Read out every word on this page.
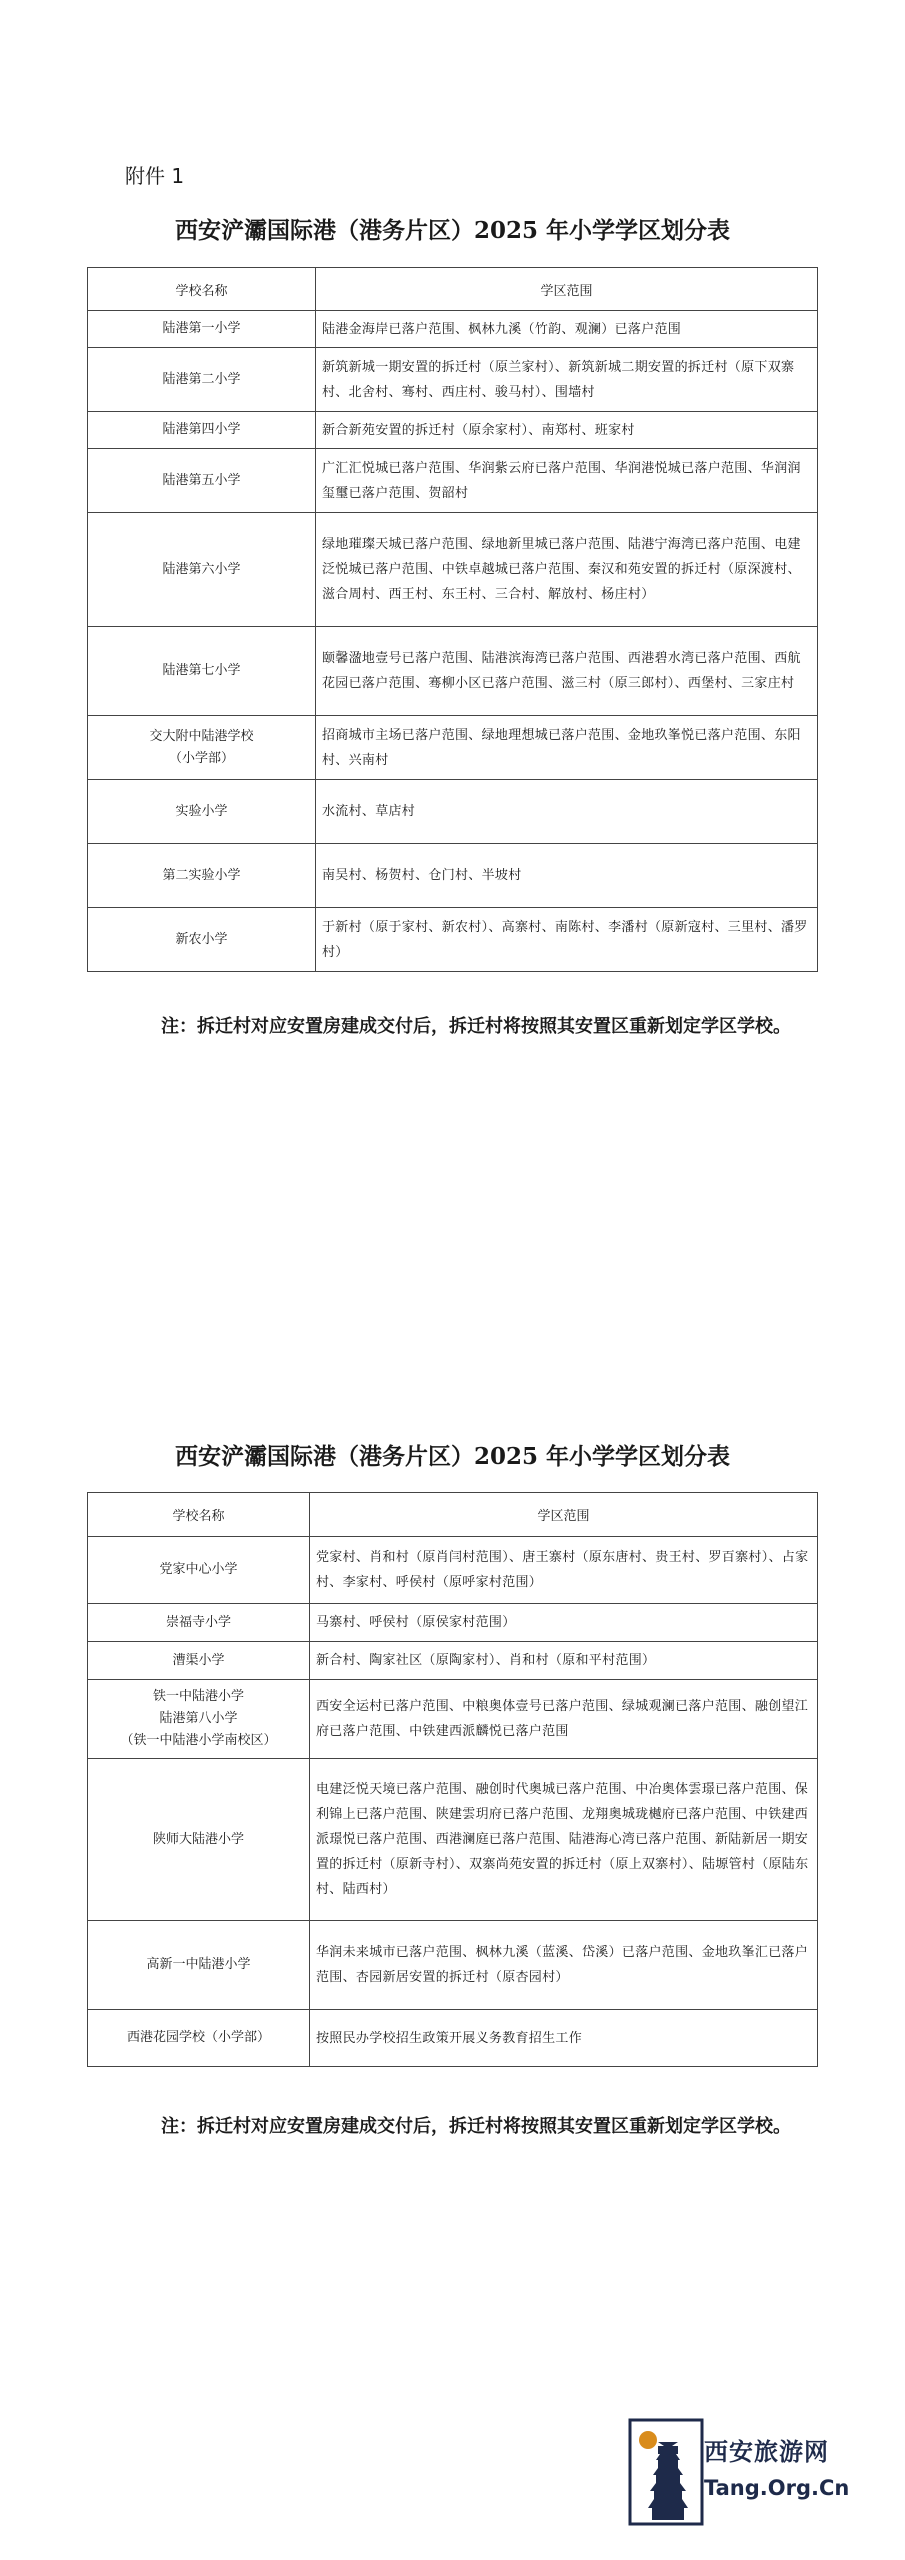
附件 1
西安浐灞国际港（港务片区）2025 年小学学区划分表
学校名称	学区范围
陆港第一小学	陆港金海岸已落户范围、枫林九溪（竹韵、观澜）已落户范围
陆港第二小学	新筑新城一期安置的拆迁村（原兰家村）、新筑新城二期安置的拆迁村（原下双寨村、北舍村、骞村、西庄村、骏马村）、围墙村
陆港第四小学	新合新苑安置的拆迁村（原余家村）、南郑村、班家村
陆港第五小学	广汇汇悦城已落户范围、华润紫云府已落户范围、华润港悦城已落户范围、华润润玺璽已落户范围、贺韶村
陆港第六小学	绿地璀璨天城已落户范围、绿地新里城已落户范围、陆港宁海湾已落户范围、电建泛悦城已落户范围、中铁卓越城已落户范围、秦汉和苑安置的拆迁村（原深渡村、滋合周村、西王村、东王村、三合村、解放村、杨庄村）
陆港第七小学	颐馨溋地壹号已落户范围、陆港滨海湾已落户范围、西港碧水湾已落户范围、西航花园已落户范围、骞柳小区已落户范围、滋三村（原三郎村）、西堡村、三家庄村
交大附中陆港学校
（小学部）	招商城市主场已落户范围、绿地理想城已落户范围、金地玖峯悦已落户范围、东阳村、兴南村
实验小学	水流村、草店村
第二实验小学	南吴村、杨贺村、仓门村、半坡村
新农小学	于新村（原于家村、新农村）、高寨村、南陈村、李潘村（原新寇村、三里村、潘罗村）
注：拆迁村对应安置房建成交付后，拆迁村将按照其安置区重新划定学区学校。
西安浐灞国际港（港务片区）2025 年小学学区划分表
学校名称	学区范围
党家中心小学	党家村、肖和村（原肖闫村范围）、唐王寨村（原东唐村、贵王村、罗百寨村）、占家村、李家村、呼侯村（原呼家村范围）
崇福寺小学	马寨村、呼侯村（原侯家村范围）
漕渠小学	新合村、陶家社区（原陶家村）、肖和村（原和平村范围）
铁一中陆港小学
陆港第八小学
（铁一中陆港小学南校区）	西安全运村已落户范围、中粮奥体壹号已落户范围、绿城观澜已落户范围、融创望江府已落户范围、中铁建西派麟悦已落户范围
陕师大陆港小学	电建泛悦天境已落户范围、融创时代奥城已落户范围、中冶奥体雲璟已落户范围、保利锦上已落户范围、陕建雲玥府已落户范围、龙翔奥城珑樾府已落户范围、中铁建西派璟悦已落户范围、西港澜庭已落户范围、陆港海心湾已落户范围、新陆新居一期安置的拆迁村（原新寺村）、双寨尚苑安置的拆迁村（原上双寨村）、陆塬管村（原陆东村、陆西村）
高新一中陆港小学	华润未来城市已落户范围、枫林九溪（蓝溪、岱溪）已落户范围、金地玖峯汇已落户范围、杏园新居安置的拆迁村（原杏园村）
西港花园学校（小学部）	按照民办学校招生政策开展义务教育招生工作
注：拆迁村对应安置房建成交付后，拆迁村将按照其安置区重新划定学区学校。
西安旅游网
Tang.Org.Cn
